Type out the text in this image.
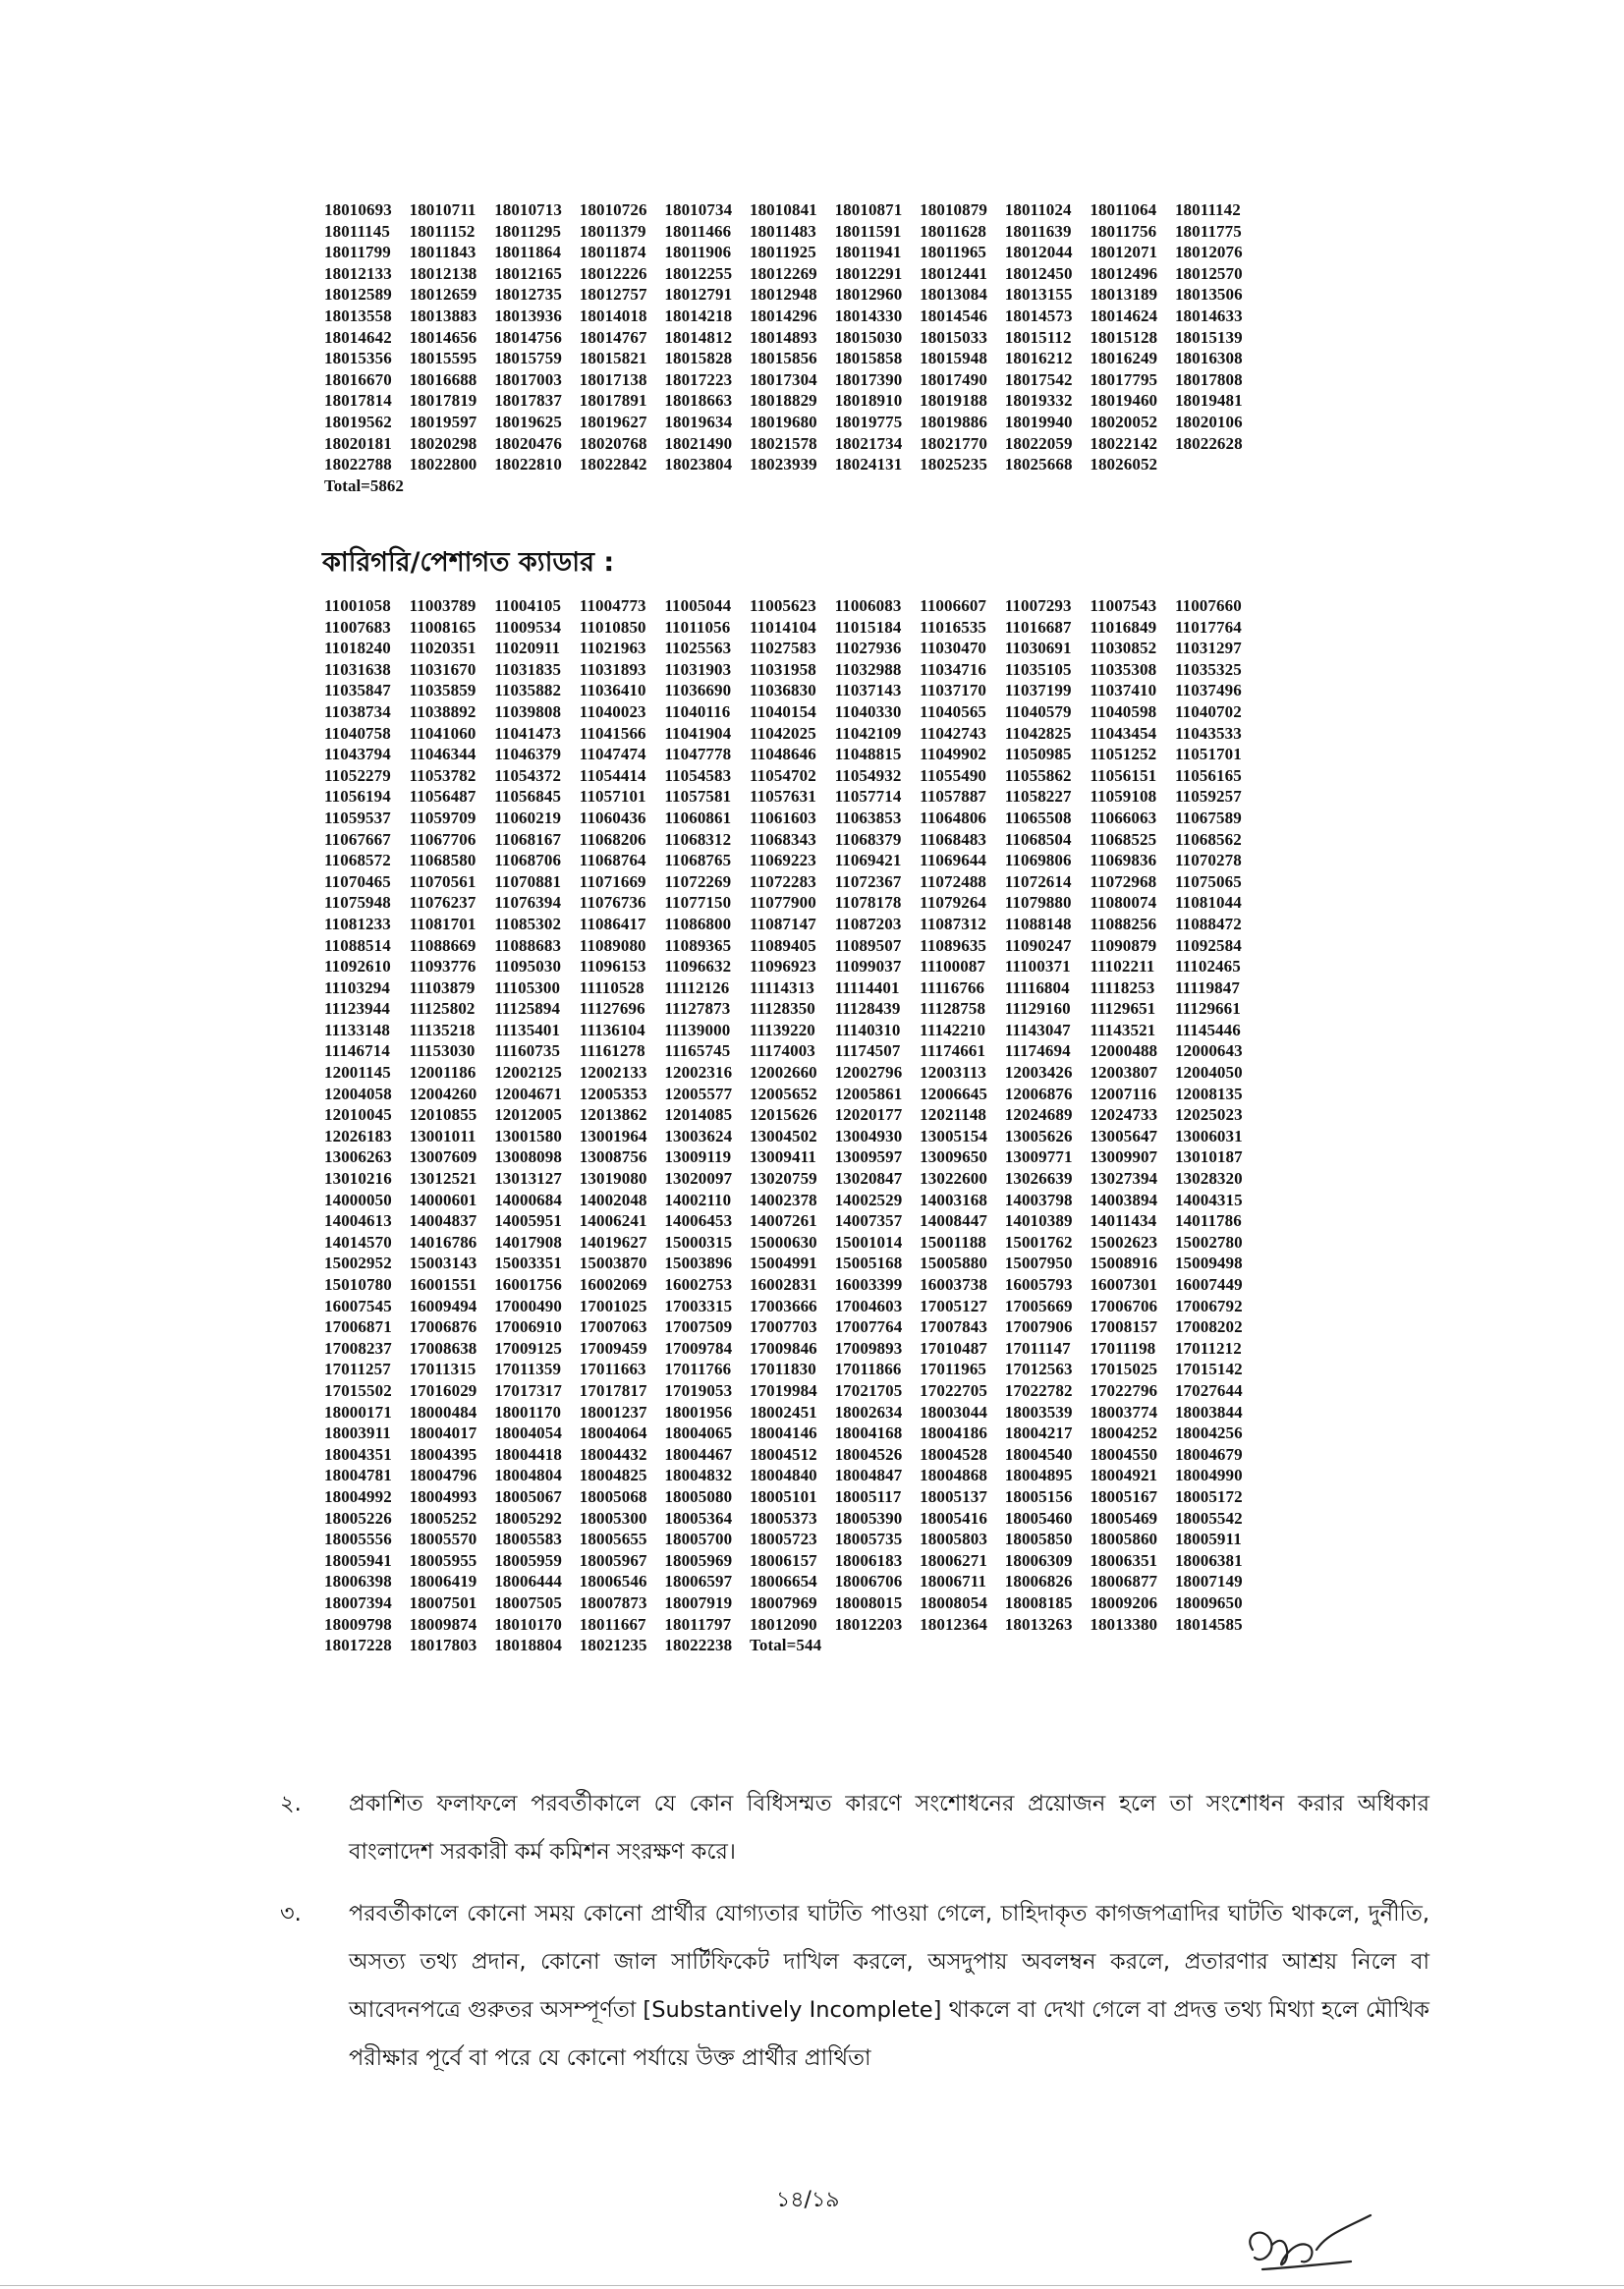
18010693 18010711 18010713 18010726 18010734 18010841 18010871 18010879 18011024 18011064 18011142
18011145 18011152 18011295 18011379 18011466 18011483 18011591 18011628 18011639 18011756 18011775
18011799 18011843 18011864 18011874 18011906 18011925 18011941 18011965 18012044 18012071 18012076
18012133 18012138 18012165 18012226 18012255 18012269 18012291 18012441 18012450 18012496 18012570
18012589 18012659 18012735 18012757 18012791 18012948 18012960 18013084 18013155 18013189 18013506
18013558 18013883 18013936 18014018 18014218 18014296 18014330 18014546 18014573 18014624 18014633
18014642 18014656 18014756 18014767 18014812 18014893 18015030 18015033 18015112 18015128 18015139
18015356 18015595 18015759 18015821 18015828 18015856 18015858 18015948 18016212 18016249 18016308
18016670 18016688 18017003 18017138 18017223 18017304 18017390 18017490 18017542 18017795 18017808
18017814 18017819 18017837 18017891 18018663 18018829 18018910 18019188 18019332 18019460 18019481
18019562 18019597 18019625 18019627 18019634 18019680 18019775 18019886 18019940 18020052 18020106
18020181 18020298 18020476 18020768 18021490 18021578 18021734 18021770 18022059 18022142 18022628
18022788 18022800 18022810 18022842 18023804 18023939 18024131 18025235 18025668 18026052
Total=5862
কারিগরি/পেশাগত ক্যাডার :
11001058 11003789 11004105 11004773 11005044 11005623 11006083 11006607 11007293 11007543 11007660
11007683 11008165 11009534 11010850 11011056 11014104 11015184 11016535 11016687 11016849 11017764
11018240 11020351 11020911 11021963 11025563 11027583 11027936 11030470 11030691 11030852 11031297
11031638 11031670 11031835 11031893 11031903 11031958 11032988 11034716 11035105 11035308 11035325
11035847 11035859 11035882 11036410 11036690 11036830 11037143 11037170 11037199 11037410 11037496
11038734 11038892 11039808 11040023 11040116 11040154 11040330 11040565 11040579 11040598 11040702
11040758 11041060 11041473 11041566 11041904 11042025 11042109 11042743 11042825 11043454 11043533
11043794 11046344 11046379 11047474 11047778 11048646 11048815 11049902 11050985 11051252 11051701
11052279 11053782 11054372 11054414 11054583 11054702 11054932 11055490 11055862 11056151 11056165
11056194 11056487 11056845 11057101 11057581 11057631 11057714 11057887 11058227 11059108 11059257
11059537 11059709 11060219 11060436 11060861 11061603 11063853 11064806 11065508 11066063 11067589
11067667 11067706 11068167 11068206 11068312 11068343 11068379 11068483 11068504 11068525 11068562
11068572 11068580 11068706 11068764 11068765 11069223 11069421 11069644 11069806 11069836 11070278
11070465 11070561 11070881 11071669 11072269 11072283 11072367 11072488 11072614 11072968 11075065
11075948 11076237 11076394 11076736 11077150 11077900 11078178 11079264 11079880 11080074 11081044
11081233 11081701 11085302 11086417 11086800 11087147 11087203 11087312 11088148 11088256 11088472
11088514 11088669 11088683 11089080 11089365 11089405 11089507 11089635 11090247 11090879 11092584
11092610 11093776 11095030 11096153 11096632 11096923 11099037 11100087 11100371 11102211 11102465
11103294 11103879 11105300 11110528 11112126 11114313 11114401 11116766 11116804 11118253 11119847
11123944 11125802 11125894 11127696 11127873 11128350 11128439 11128758 11129160 11129651 11129661
11133148 11135218 11135401 11136104 11139000 11139220 11140310 11142210 11143047 11143521 11145446
11146714 11153030 11160735 11161278 11165745 11174003 11174507 11174661 11174694 12000488 12000643
12001145 12001186 12002125 12002133 12002316 12002660 12002796 12003113 12003426 12003807 12004050
12004058 12004260 12004671 12005353 12005577 12005652 12005861 12006645 12006876 12007116 12008135
12010045 12010855 12012005 12013862 12014085 12015626 12020177 12021148 12024689 12024733 12025023
12026183 13001011 13001580 13001964 13003624 13004502 13004930 13005154 13005626 13005647 13006031
13006263 13007609 13008098 13008756 13009119 13009411 13009597 13009650 13009771 13009907 13010187
13010216 13012521 13013127 13019080 13020097 13020759 13020847 13022600 13026639 13027394 13028320
14000050 14000601 14000684 14002048 14002110 14002378 14002529 14003168 14003798 14003894 14004315
14004613 14004837 14005951 14006241 14006453 14007261 14007357 14008447 14010389 14011434 14011786
14014570 14016786 14017908 14019627 15000315 15000630 15001014 15001188 15001762 15002623 15002780
15002952 15003143 15003351 15003870 15003896 15004991 15005168 15005880 15007950 15008916 15009498
15010780 16001551 16001756 16002069 16002753 16002831 16003399 16003738 16005793 16007301 16007449
16007545 16009494 17000490 17001025 17003315 17003666 17004603 17005127 17005669 17006706 17006792
17006871 17006876 17006910 17007063 17007509 17007703 17007764 17007843 17007906 17008157 17008202
17008237 17008638 17009125 17009459 17009784 17009846 17009893 17010487 17011147 17011198 17011212
17011257 17011315 17011359 17011663 17011766 17011830 17011866 17011965 17012563 17015025 17015142
17015502 17016029 17017317 17017817 17019053 17019984 17021705 17022705 17022782 17022796 17027644
18000171 18000484 18001170 18001237 18001956 18002451 18002634 18003044 18003539 18003774 18003844
18003911 18004017 18004054 18004064 18004065 18004146 18004168 18004186 18004217 18004252 18004256
18004351 18004395 18004418 18004432 18004467 18004512 18004526 18004528 18004540 18004550 18004679
18004781 18004796 18004804 18004825 18004832 18004840 18004847 18004868 18004895 18004921 18004990
18004992 18004993 18005067 18005068 18005080 18005101 18005117 18005137 18005156 18005167 18005172
18005226 18005252 18005292 18005300 18005364 18005373 18005390 18005416 18005460 18005469 18005542
18005556 18005570 18005583 18005655 18005700 18005723 18005735 18005803 18005850 18005860 18005911
18005941 18005955 18005959 18005967 18005969 18006157 18006183 18006271 18006309 18006351 18006381
18006398 18006419 18006444 18006546 18006597 18006654 18006706 18006711 18006826 18006877 18007149
18007394 18007501 18007505 18007873 18007919 18007969 18008015 18008054 18008185 18009206 18009650
18009798 18009874 18010170 18011667 18011797 18012090 18012203 18012364 18013263 18013380 18014585
18017228 18017803 18018804 18021235 18022238 Total=544
২. প্রকাশিত ফলাফলে পরবর্তীকালে যে কোন বিধিসম্মত কারণে সংশোধনের প্রয়োজন হলে তা সংশোধন করার অধিকার বাংলাদেশ সরকারী কর্ম কমিশন সংরক্ষণ করে।
৩. পরবর্তীকালে কোনো সময় কোনো প্রার্থীর যোগ্যতার ঘাটতি পাওয়া গেলে, চাহিদাকৃত কাগজপত্রাদির ঘাটতি থাকলে, দুর্নীতি, অসত্য তথ্য প্রদান, কোনো জাল সার্টিফিকেট দাখিল করলে, অসদুপায় অবলম্বন করলে, প্রতারণার আশ্রয় নিলে বা আবেদনপত্রে গুরুতর অসম্পূর্ণতা [Substantively Incomplete] থাকলে বা দেখা গেলে বা প্রদত্ত তথ্য মিথ্যা হলে মৌখিক পরীক্ষার পূর্বে বা পরে যে কোনো পর্যায়ে উক্ত প্রার্থীর প্রার্থিতা
১৪/১৯
